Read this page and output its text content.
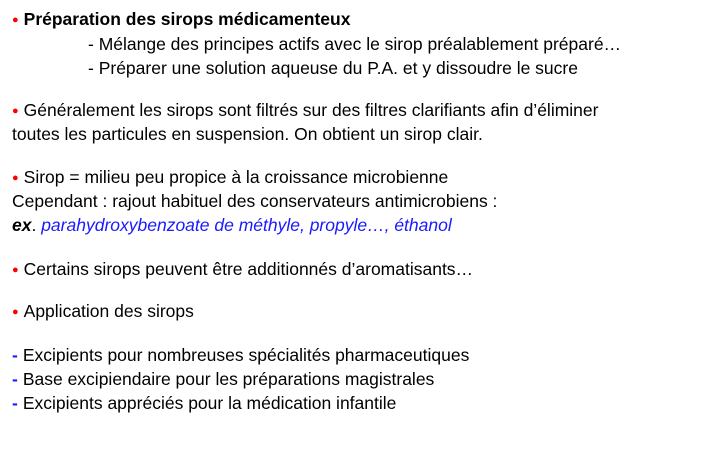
● Préparation des sirops médicamenteux
- Mélange des principes actifs avec le sirop préalablement préparé…
- Préparer une solution aqueuse du P.A. et y dissoudre le sucre
● Généralement les sirops sont filtrés sur des filtres clarifiants afin d’éliminer
toutes les particules en suspension. On obtient un sirop clair.
● Sirop = milieu peu propice à la croissance microbienne
Cependant : rajout habituel des conservateurs antimicrobiens :
ex. parahydroxybenzoate de méthyle, propyle…, éthanol
● Certains sirops peuvent être additionnés d’aromatisants…
● Application des sirops
- Excipients pour nombreuses spécialités pharmaceutiques
- Base excipiendaire pour les préparations magistrales
- Excipients appréciés pour la médication infantile
